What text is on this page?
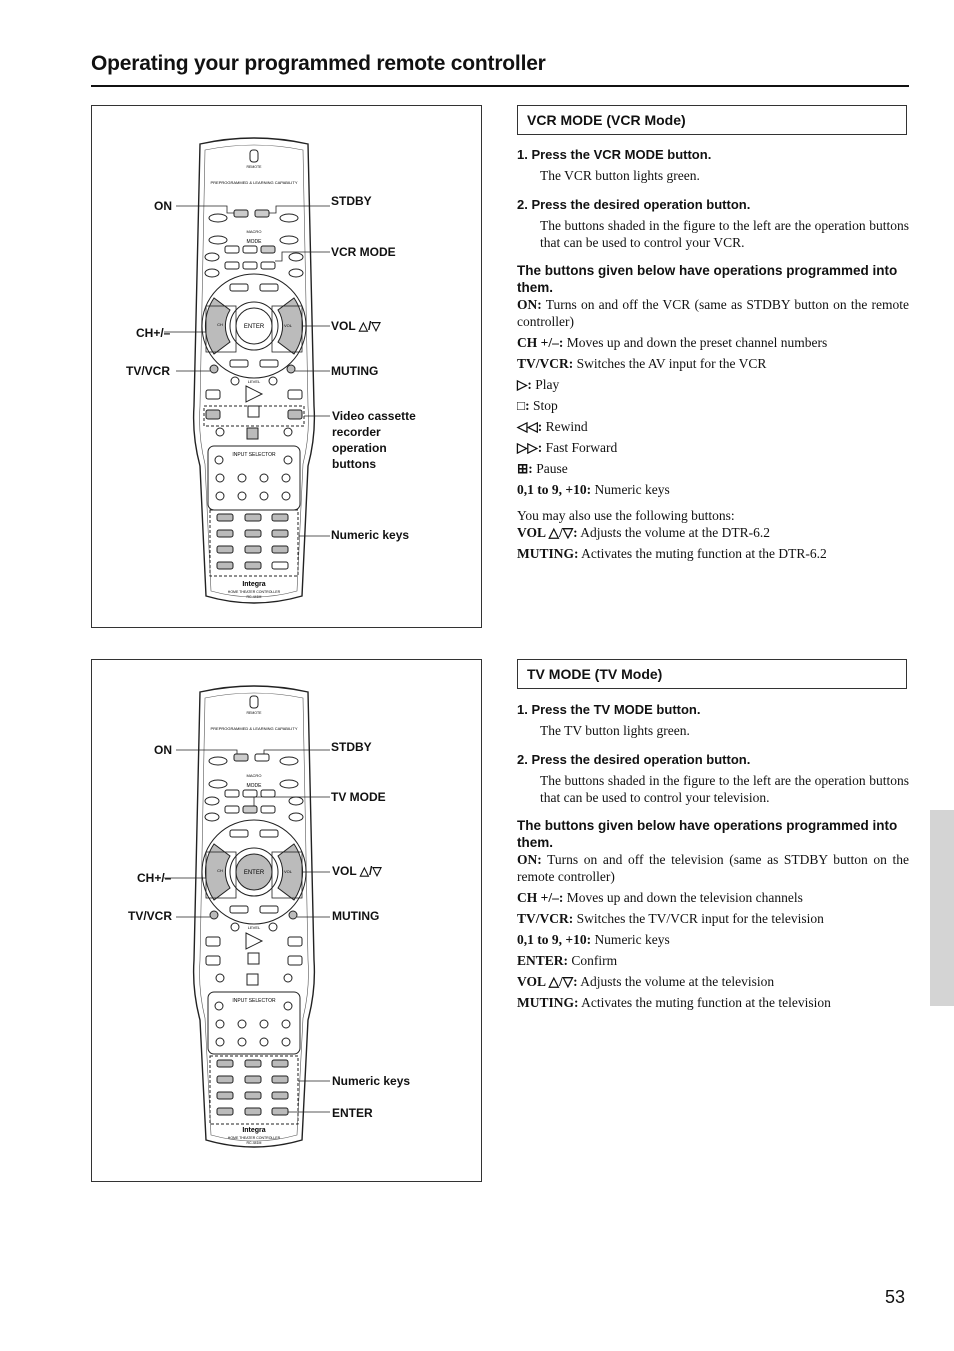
Operating your programmed remote controller
REMOTE
PREPROGRAMMED & LEARNING CAPABILITY
MACRO
MODE
ENTER
CH	VOL
LEVEL
INPUT SELECTOR
Integra
HOME THEATER CONTROLLER
RC-441M
ON	STDBY
VCR MODE
CH+/–	VOL △/▽
TV/VCR	MUTING
Video cassette
recorder
operation
buttons
Numeric keys
REMOTE
PREPROGRAMMED & LEARNING CAPABILITY
MACRO
MODE
ENTER
CH	VOL
LEVEL
INPUT SELECTOR
Integra
HOME THEATER CONTROLLER
RC-441M
ON	STDBY
TV MODE
CH+/–	VOL △/▽
TV/VCR	MUTING
Numeric keys
ENTER
VCR MODE (VCR Mode)

1. Press the VCR MODE button.

The VCR button lights green.

2. Press the desired operation button.

The buttons shaded in the figure to the left are the operation buttons that can be used to control your VCR.

The buttons given below have operations programmed into them.

ON: Turns on and off the VCR (same as STDBY button on the remote controller)

CH +/–: Moves up and down the preset channel numbers

TV/VCR: Switches the AV input for the VCR

▷: Play

□: Stop

◁◁: Rewind

▷▷: Fast Forward

⊞: Pause

0,1 to 9, +10: Numeric keys

You may also use the following buttons:

VOL △/▽: Adjusts the volume at the DTR-6.2

MUTING: Activates the muting function at the DTR-6.2

TV MODE (TV Mode)

1. Press the TV MODE button.

The TV button lights green.

2. Press the desired operation button.

The buttons shaded in the figure to the left are the operation buttons that can be used to control your television.

The buttons given below have operations programmed into them.

ON: Turns on and off the television (same as STDBY button on the remote controller)

CH +/–: Moves up and down the television channels

TV/VCR: Switches the TV/VCR input for the television

0,1 to 9, +10: Numeric keys

ENTER: Confirm

VOL △/▽: Adjusts the volume at the television

MUTING: Activates the muting function at the television

53
